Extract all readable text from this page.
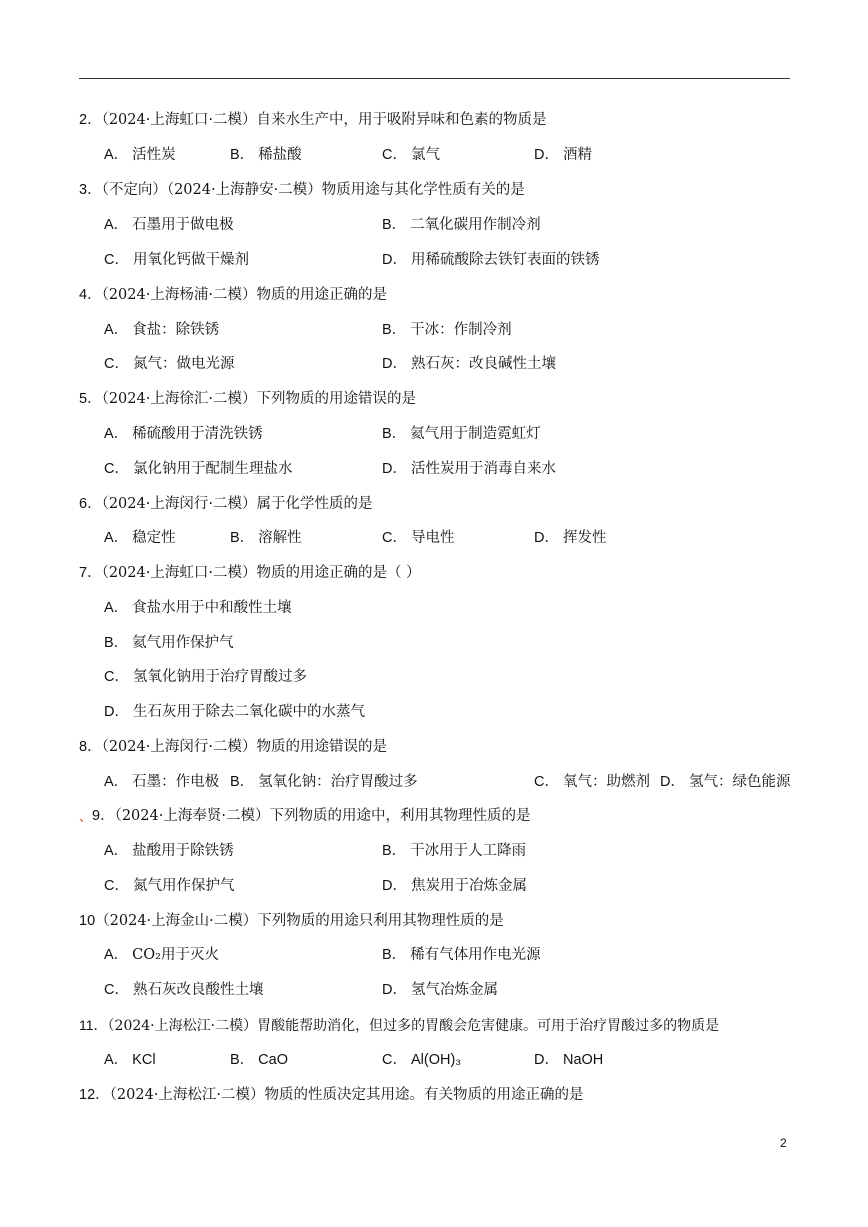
2．（2024·上海虹口·二模）自来水生产中，用于吸附异味和色素的物质是
A． 活性炭	B． 稀盐酸	C． 氯气	D． 酒精
3．（不定向）（2024·上海静安·二模）物质用途与其化学性质有关的是
A． 石墨用于做电极	B． 二氧化碳用作制冷剂
C． 用氧化钙做干燥剂	D． 用稀硫酸除去铁钉表面的铁锈
4．（2024·上海杨浦·二模）物质的用途正确的是
A． 食盐：除铁锈	B． 干冰：作制冷剂
C． 氮气：做电光源	D． 熟石灰：改良碱性土壤
5．（2024·上海徐汇·二模）下列物质的用途错误的是
A． 稀硫酸用于清洗铁锈	B． 氦气用于制造霓虹灯
C． 氯化钠用于配制生理盐水	D． 活性炭用于消毒自来水
6．（2024·上海闵行·二模）属于化学性质的是
A． 稳定性	B． 溶解性	C． 导电性	D． 挥发性
7．（2024·上海虹口·二模）物质的用途正确的是（ ）
A． 食盐水用于中和酸性土壤
B． 氦气用作保护气
C． 氢氧化钠用于治疗胃酸过多
D． 生石灰用于除去二氧化碳中的水蒸气
8．（2024·上海闵行·二模）物质的用途错误的是
A． 石墨：作电极 B． 氢氧化钠：治疗胃酸过多	C． 氧气：助燃剂 D． 氢气：绿色能源
、 9．（2024·上海奉贤·二模）下列物质的用途中，利用其物理性质的是
A． 盐酸用于除铁锈	B． 干冰用于人工降雨
C． 氮气用作保护气	D． 焦炭用于冶炼金属
10（2024·上海金山·二模）下列物质的用途只利用其物理性质的是
A． CO₂用于灭火	B． 稀有气体用作电光源
C． 熟石灰改良酸性土壤	D． 氢气冶炼金属
11．（2024·上海松江·二模）胃酸能帮助消化，但过多的胃酸会危害健康。可用于治疗胃酸过多的物质是
A． KCl	B． CaO	C． Al(OH)₃	D． NaOH
12．（2024·上海松江·二模）物质的性质决定其用途。有关物质的用途正确的是
2
